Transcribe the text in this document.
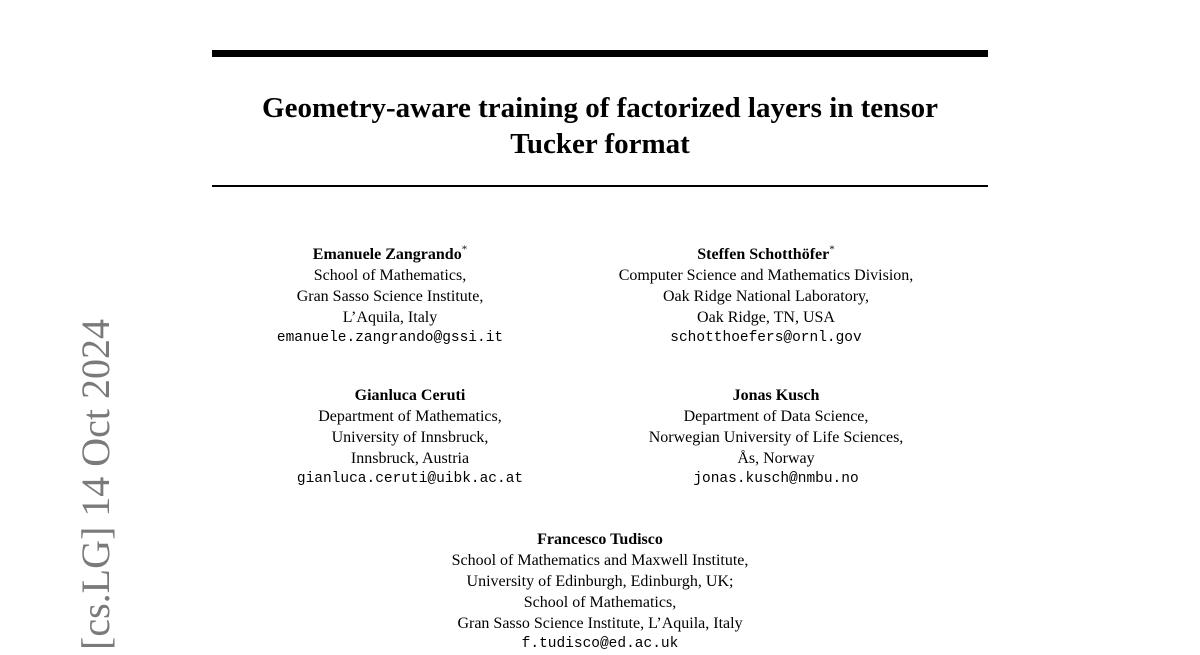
Geometry-aware training of factorized layers in tensor
Tucker format
Emanuele Zangrando*
School of Mathematics,
Gran Sasso Science Institute,
L’Aquila, Italy
emanuele.zangrando@gssi.it
Steffen Schotthöfer*
Computer Science and Mathematics Division,
Oak Ridge National Laboratory,
Oak Ridge, TN, USA
schotthoefers@ornl.gov
Gianluca Ceruti
Department of Mathematics,
University of Innsbruck,
Innsbruck, Austria
gianluca.ceruti@uibk.ac.at
Jonas Kusch
Department of Data Science,
Norwegian University of Life Sciences,
Ås, Norway
jonas.kusch@nmbu.no
Francesco Tudisco
School of Mathematics and Maxwell Institute,
University of Edinburgh, Edinburgh, UK;
School of Mathematics,
Gran Sasso Science Institute, L’Aquila, Italy
f.tudisco@ed.ac.uk
[cs.LG] 14 Oct 2024
